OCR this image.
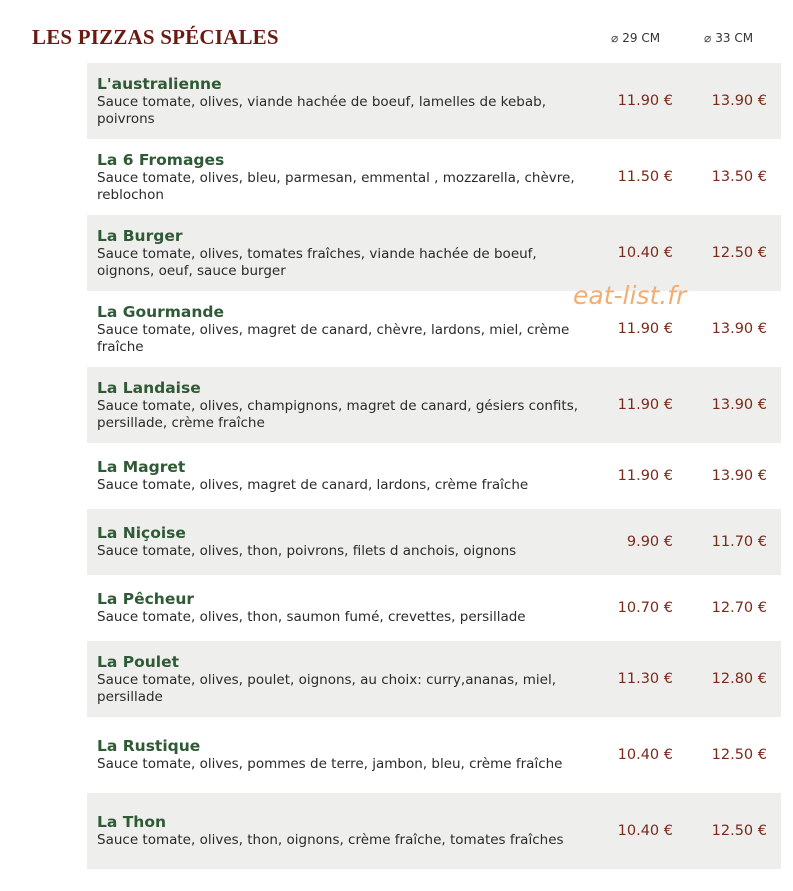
LES PIZZAS SPÉCIALES	⌀ 29 CM	⌀ 33 CM
L'australienne
Sauce tomate, olives, viande hachée de boeuf, lamelles de kebab, poivrons
11.90 €	13.90 €
La 6 Fromages
Sauce tomate, olives, bleu, parmesan, emmental , mozzarella, chèvre, reblochon
11.50 €	13.50 €
La Burger
Sauce tomate, olives, tomates fraîches, viande hachée de boeuf, oignons, oeuf, sauce burger
10.40 €	12.50 €
La Gourmande
Sauce tomate, olives, magret de canard, chèvre, lardons, miel, crème fraîche
11.90 €	13.90 €
La Landaise
Sauce tomate, olives, champignons, magret de canard, gésiers confits, persillade, crème fraîche
11.90 €	13.90 €
La Magret
Sauce tomate, olives, magret de canard, lardons, crème fraîche
11.90 €	13.90 €
La Niçoise
Sauce tomate, olives, thon, poivrons, filets d anchois, oignons
9.90 €	11.70 €
La Pêcheur
Sauce tomate, olives, thon, saumon fumé, crevettes, persillade
10.70 €	12.70 €
La Poulet
Sauce tomate, olives, poulet, oignons, au choix: curry,ananas, miel, persillade
11.30 €	12.80 €
La Rustique
Sauce tomate, olives, pommes de terre, jambon, bleu, crème fraîche
10.40 €	12.50 €
La Thon
Sauce tomate, olives, thon, oignons, crème fraîche, tomates fraîches
10.40 €	12.50 €
eat-list.fr
